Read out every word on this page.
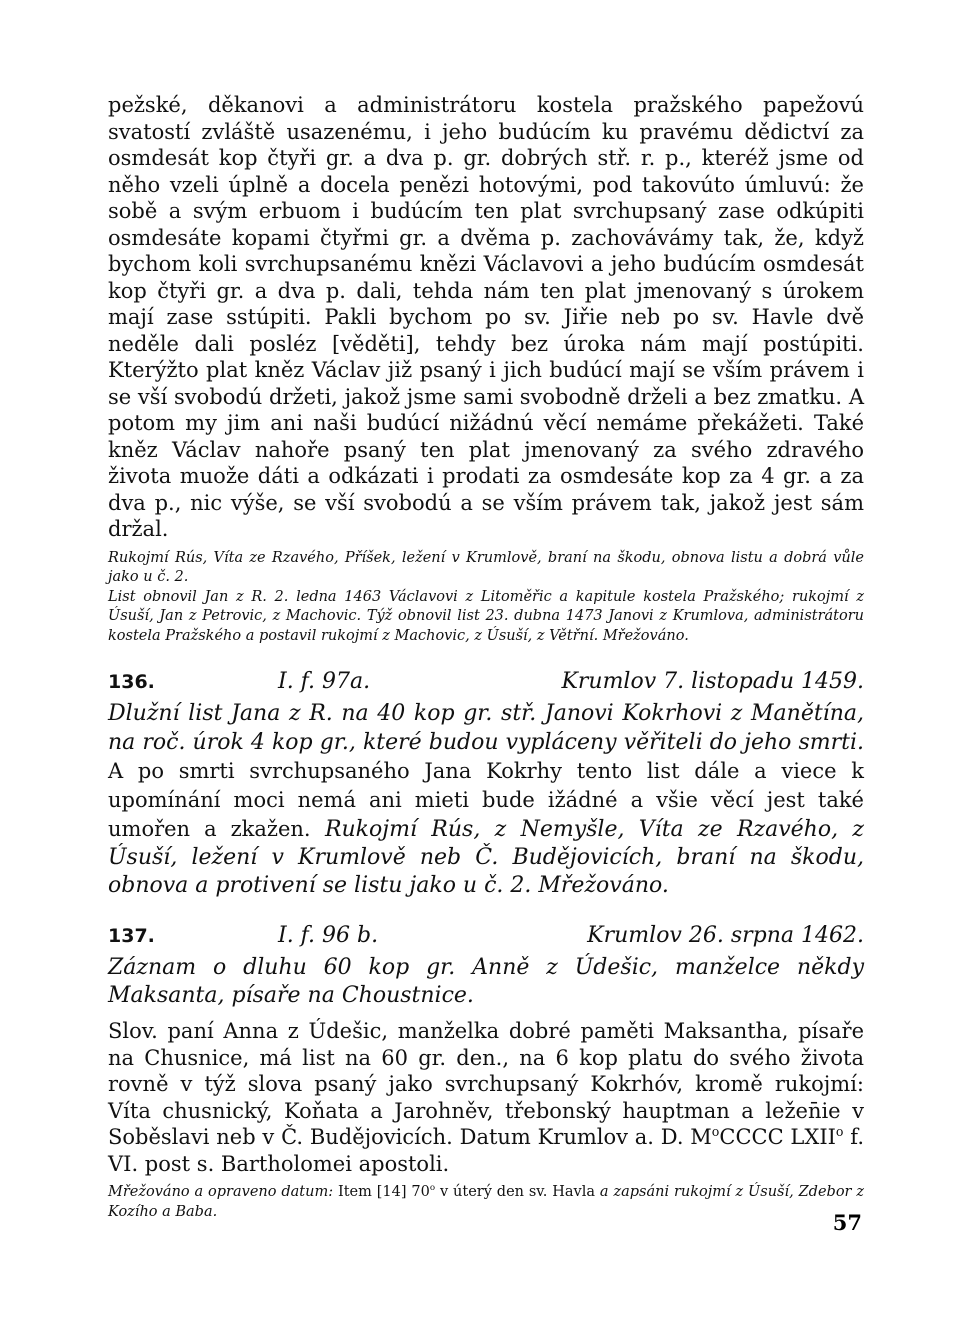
pežské, děkanovi a administrátoru kostela pražského papežovú svatostí zvláště usazenému, i jeho budúcím ku pravému dědictví za osmdesát kop čtyři gr. a dva p. gr. dobrých stř. r. p., kteréž jsme od něho vzeli úplně a docela penězi hotovými, pod takovúto úmluvú: že sobě a svým erbuom i budúcím ten plat svrchupsaný zase odkúpiti osmdesáte kopami čtyřmi gr. a dvěma p. zachovávámy tak, že, když bychom koli svrchupsanému knězi Václavovi a jeho budúcím osmdesát kop čtyři gr. a dva p. dali, tehda nám ten plat jmenovaný s úrokem mají zase sstúpiti. Pakli bychom po sv. Jiřie neb po sv. Havle dvě neděle dali posléz [věděti], tehdy bez úroka nám mají postúpiti. Kterýžto plat kněz Václav již psaný i jich budúcí mají se vším právem i se vší svobodú držeti, jakož jsme sami svobodně drželi a bez zmatku. A potom my jim ani naši budúcí nižádnú věcí nemáme překážeti. Také kněz Václav nahoře psaný ten plat jmenovaný za svého zdravého života muože dáti a odkázati i prodati za osmdesáte kop za 4 gr. a za dva p., nic výše, se vší svobodú a se vším právem tak, jakož jest sám držal.

Rukojmí Rús, Víta ze Rzavého, Příšek, ležení v Krumlově, braní na škodu, obnova listu a dobrá vůle jako u č. 2.

List obnovil Jan z R. 2. ledna 1463 Václavovi z Litoměřic a kapitule kostela Pražského; rukojmí z Úsuší, Jan z Petrovic, z Machovic. Týž obnovil list 23. dubna 1473 Janovi z Krumlova, administrátoru kostela Pražského a postavil rukojmí z Machovic, z Úsuší, z Větřní. Mřežováno.

136.	I. f. 97a.	Krumlov 7. listopadu 1459.

Dlužní list Jana z R. na 40 kop gr. stř. Janovi Kokrhovi z Manětína, na roč. úrok 4 kop gr., které budou vypláceny věřiteli do jeho smrti. A po smrti svrchupsaného Jana Kokrhy tento list dále a viece k upomínání moci nemá ani mieti bude ižádné a všie věcí jest také umořen a zkažen. Rukojmí Rús, z Nemyšle, Víta ze Rzavého, z Úsuší, ležení v Krumlově neb Č. Budějovicích, braní na škodu, obnova a protivení se listu jako u č. 2. Mřežováno.

137.	I. f. 96 b.	Krumlov 26. srpna 1462.

Záznam o dluhu 60 kop gr. Anně z Údešic, manželce někdy Maksanta, písaře na Choustnice.

Slov. paní Anna z Údešic, manželka dobré paměti Maksantha, písaře na Chusnice, má list na 60 gr. den., na 6 kop platu do svého života rovně v týž slova psaný jako svrchupsaný Kokrhóv, kromě rukojmí: Víta chusnický, Koňata a Jarohněv, třebonský hauptman a ležen̄ie v Soběslavi neb v Č. Budějovicích. Datum Krumlov a. D. $M^oCCCC$ LXII$^o$ f. VI. post s. Bartholomei apostoli.

Mřežováno a opraveno datum: Item [14] 70$^o$ v úterý den sv. Havla a zapsáni rukojmí z Úsuší, Zdebor z Kozího a Baba.	57
